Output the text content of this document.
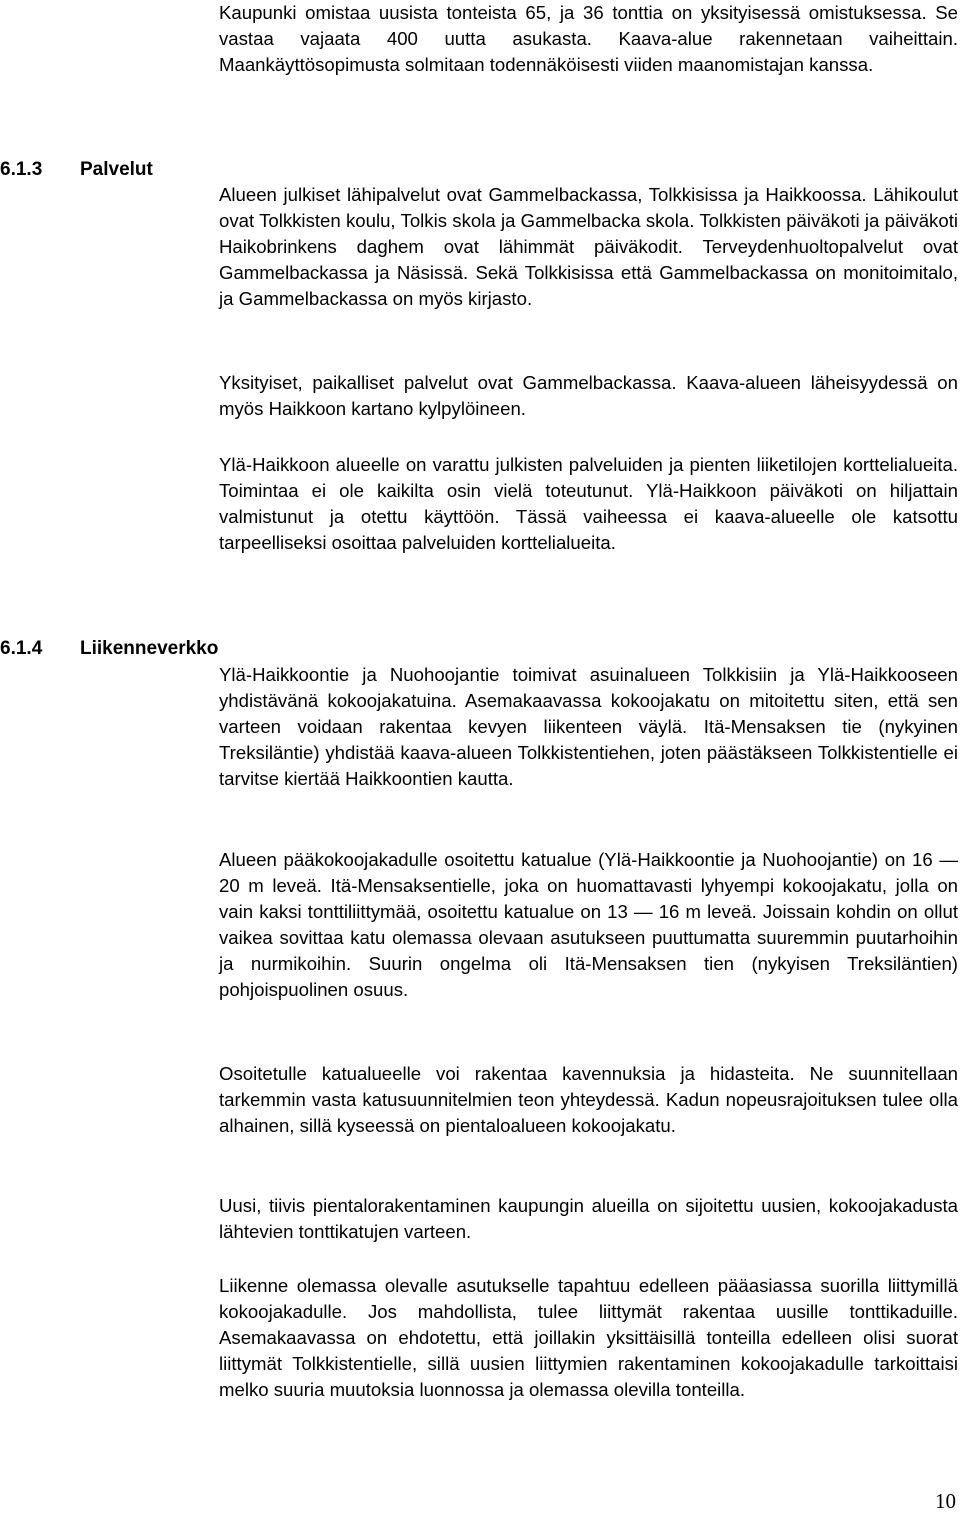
Kaupunki omistaa uusista tonteista 65, ja 36 tonttia on yksityisessä omistuksessa. Se vastaa vajaata 400 uutta asukasta. Kaava-alue rakennetaan vaiheittain. Maankäyttösopimusta solmitaan todennäköisesti viiden maanomistajan kanssa.

6.1.3 Palvelut

Alueen julkiset lähipalvelut ovat Gammelbackassa, Tolkkisissa ja Haikkoossa. Lähikoulut ovat Tolkkisten koulu, Tolkis skola ja Gammelbacka skola. Tolkkisten päiväkoti ja päiväkoti Haikobrinkens daghem ovat lähimmät päiväkodit. Terveydenhuoltopalvelut ovat Gammelbackassa ja Näsissä. Sekä Tolkkisissa että Gammelbackassa on monitoimitalo, ja Gammelbackassa on myös kirjasto.

Yksityiset, paikalliset palvelut ovat Gammelbackassa. Kaava-alueen läheisyydessä on myös Haikkoon kartano kylpylöineen.

Ylä-Haikkoon alueelle on varattu julkisten palveluiden ja pienten liiketilojen korttelialueita. Toimintaa ei ole kaikilta osin vielä toteutunut. Ylä-Haikkoon päiväkoti on hiljattain valmistunut ja otettu käyttöön. Tässä vaiheessa ei kaava-alueelle ole katsottu tarpeelliseksi osoittaa palveluiden korttelialueita.

6.1.4 Liikenneverkko

Ylä-Haikkoontie ja Nuohoojantie toimivat asuinalueen Tolkkisiin ja Ylä-Haikkooseen yhdistävänä kokoojakatuina. Asemakaavassa kokoojakatu on mitoitettu siten, että sen varteen voidaan rakentaa kevyen liikenteen väylä. Itä-Mensaksen tie (nykyinen Treksiläntie) yhdistää kaava-alueen Tolkkistentiehen, joten päästäkseen Tolkkistentielle ei tarvitse kiertää Haikkoontien kautta.

Alueen pääkokoojakadulle osoitettu katualue (Ylä-Haikkoontie ja Nuohoojantie) on 16 — 20 m leveä. Itä-Mensaksentielle, joka on huomattavasti lyhyempi kokoojakatu, jolla on vain kaksi tonttiliittymää, osoitettu katualue on 13 — 16 m leveä. Joissain kohdin on ollut vaikea sovittaa katu olemassa olevaan asutukseen puuttumatta suuremmin puutarhoihin ja nurmikoihin. Suurin ongelma oli Itä-Mensaksen tien (nykyisen Treksiläntien) pohjoispuolinen osuus.

Osoitetulle katualueelle voi rakentaa kavennuksia ja hidasteita. Ne suunnitellaan tarkemmin vasta katusuunnitelmien teon yhteydessä. Kadun nopeusrajoituksen tulee olla alhainen, sillä kyseessä on pientaloalueen kokoojakatu.

Uusi, tiivis pientalorakentaminen kaupungin alueilla on sijoitettu uusien, kokoojakadusta lähtevien tonttikatujen varteen.

Liikenne olemassa olevalle asutukselle tapahtuu edelleen pääasiassa suorilla liittymillä kokoojakadulle. Jos mahdollista, tulee liittymät rakentaa uusille tonttikaduille. Asemakaavassa on ehdotettu, että joillakin yksittäisillä tonteilla edelleen olisi suorat liittymät Tolkkistentielle, sillä uusien liittymien rakentaminen kokoojakadulle tarkoittaisi melko suuria muutoksia luonnossa ja olemassa olevilla tonteilla.

10
